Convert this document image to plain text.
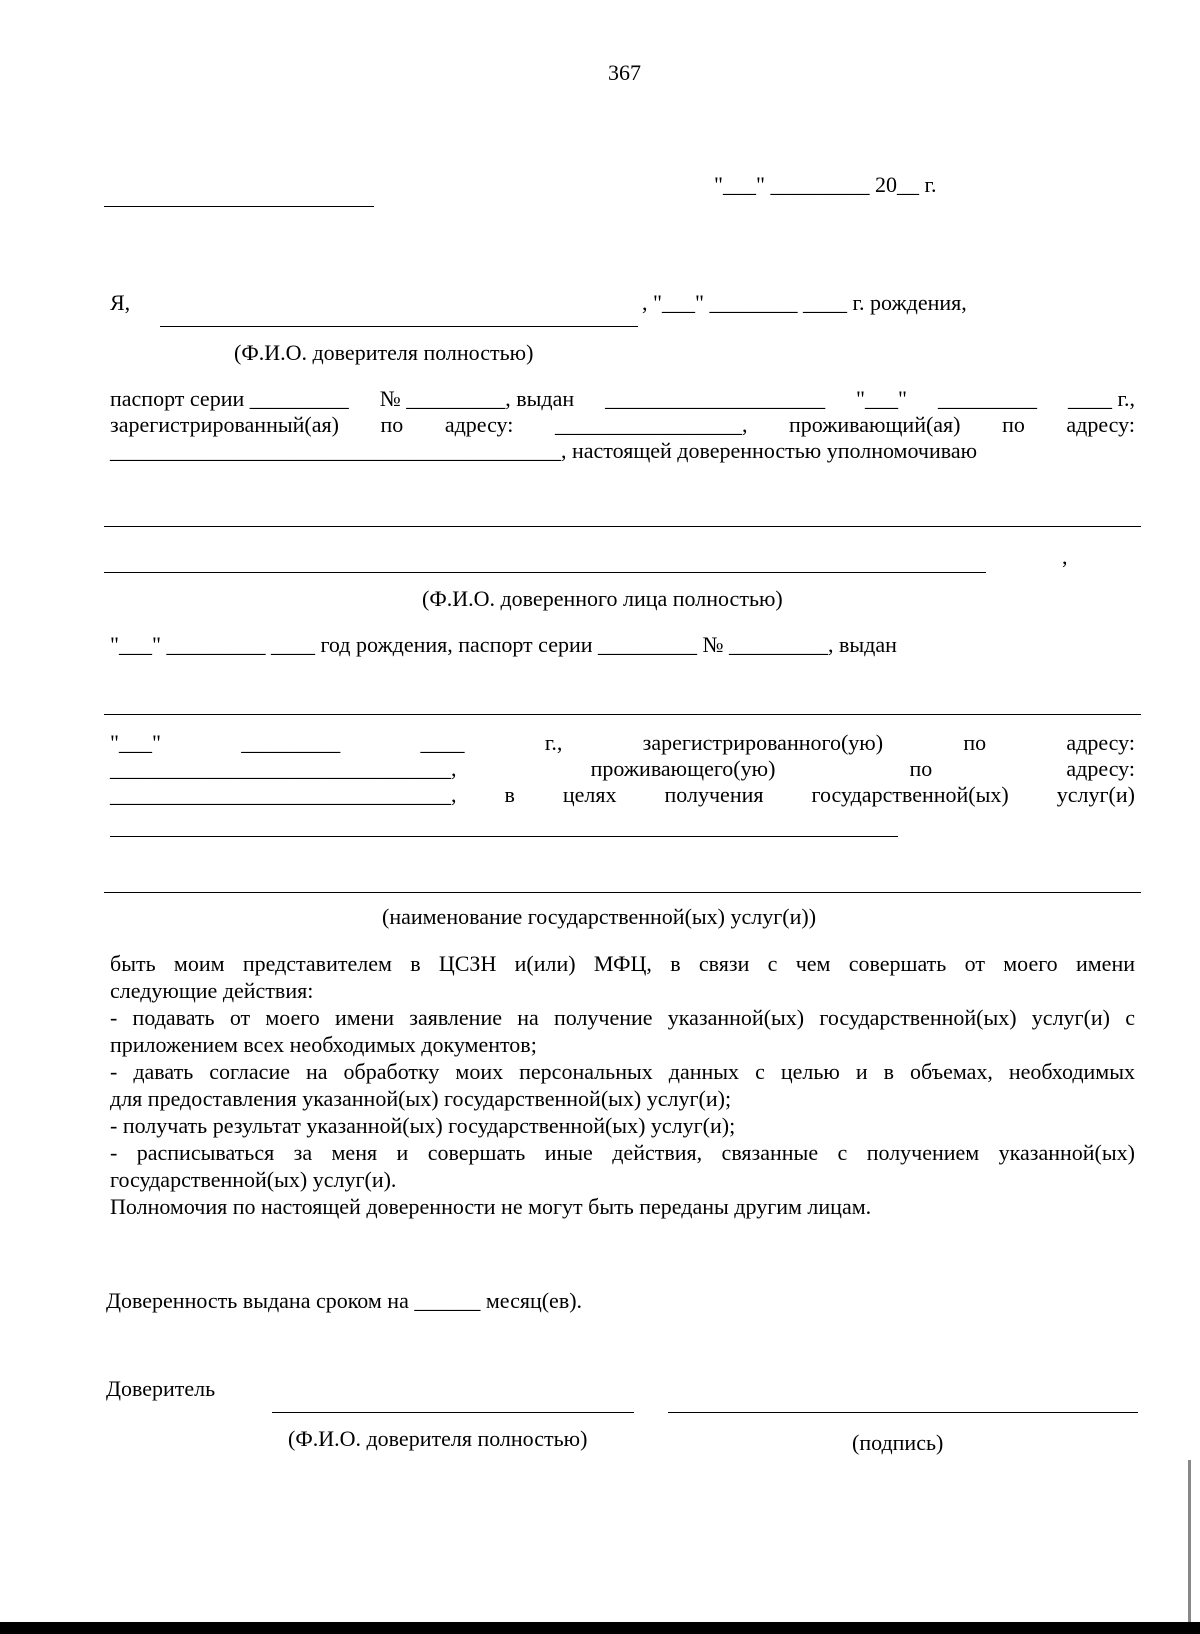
367
"___" _________ 20__ г.
Я,	, "___" ________ ____ г. рождения,
(Ф.И.О. доверителя полностью)
паспорт серии _________ № _________, выдан ____________________ "___" _________ ____ г.,
зарегистрированный(ая) по адресу: _________________, проживающий(ая) по адресу:
_________________________________________, настоящей доверенностью уполномочиваю
,
(Ф.И.О. доверенного лица полностью)
"___" _________ ____ год рождения, паспорт серии _________ № _________, выдан
"___"	_________	____	г.,	зарегистрированного(ую)	по	адресу:
_______________________________,	проживающего(ую)	по	адресу:
_______________________________, в целях получения государственной(ых) услуг(и)
(наименование государственной(ых) услуг(и))
быть моим представителем в ЦСЗН и(или) МФЦ, в связи с чем совершать от моего имени
следующие действия:
- подавать от моего имени заявление на получение указанной(ых) государственной(ых) услуг(и) с
приложением всех необходимых документов;
- давать согласие на обработку моих персональных данных с целью и в объемах, необходимых
для предоставления указанной(ых) государственной(ых) услуг(и);
- получать результат указанной(ых) государственной(ых) услуг(и);
- расписываться за меня и совершать иные действия, связанные с получением указанной(ых)
государственной(ых) услуг(и).
Полномочия по настоящей доверенности не могут быть переданы другим лицам.
Доверенность выдана сроком на ______ месяц(ев).
Доверитель
(Ф.И.О. доверителя полностью)	(подпись)
